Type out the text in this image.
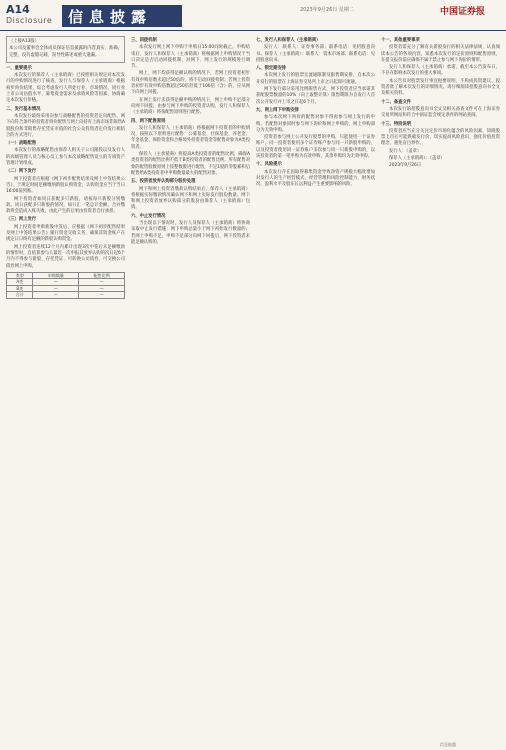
A14
Disclosure 信息披露	2023年9月26日 星期二	中国证券报

（上接A13版）

本公司及董事会全体成员保证信息披露的内容真实、准确、完整，没有虚假记载、误导性陈述或重大遗漏。

一、重要提示

本次发行的保荐人（主承销商）已按照相关规定对本次发行的申购情况进行了核查，发行人与保荐人（主承销商）根据初步询价结果，综合考虑发行人所处行业、市场情况、同行业上市公司估值水平、募集资金需求及承销风险等因素，协商确定本次发行价格。

二、发行基本情况

本次发行最终采用向参与战略配售的投资者定向配售、网下向符合条件的投资者询价配售与网上向持有上海市场非限售A股股份和非限售存托凭证市值的社会公众投资者定价发行相结合的方式进行。

（一）战略配售

本次发行的战略配售由保荐人相关子公司跟投以及发行人的高级管理人员与核心员工参与本次战略配售设立的专项资产管理计划组成。

（二）网下发行

网下投资者应根据《网下初步配售结果及网上中签结果公告》，于规定时间足额缴纳新股认购资金，认购资金应当于当日16:00前到账。

网下投资者如同日获配多只新股，请按每只新股分别缴款。同日获配多只新股的情况，如只汇一笔总计金额，合并缴款将会造成入账失败，由此产生的后果由投资者自行承担。

（三）网上发行

网上投资者申购新股中签后，应根据《网下初步配售结果及网上中签结果公告》履行资金交收义务，确保其资金账户在规定日日终有足额的新股认购资金。

网上投资者连续12个月内累计出现3次中签后未足额缴款的情形时，自结算参与人最近一次申报其放弃认购的次日起6个月内不得参与新股、存托凭证、可转换公司债券、可交换公司债券网上申购。

类型	申购数量	配售比例
A类	—	—
B类	—	—
合计	—	—

三、回拨机制

本次发行网上网下申购于申购日15:00同时截止。申购结束后，发行人和保荐人（主承销商）将根据网上申购情况于当日决定是否启动回拨机制，对网下、网上发行的规模进行调节。

网上、网下均获得足额认购的情况下，若网上投资者初步有效申购倍数未超过50倍的，将不启动回拨机制；若网上投资者初步有效申购倍数超过50倍但低于100倍（含）的，应从网下向网上回拨。

在网上发行未获得足额申购的情况下，网上申购不足部分向网下回拨，由参与网下申购的投资者认购，发行人和保荐人（主承销商）将按配售原则进行配售。

四、网下配售原则

发行人和保荐人（主承销商）将根据网下投资者的申购情况，按照以下原则进行配售：公募基金、社保基金、养老金、年金基金、保险资金和合格境外投资者资金等配售对象为A类投资者。

保荐人（主承销商）将提高A类投资者的配售比例，确保A类投资者的配售比例不低于B类投资者的配售比例。所有配售对象的配售股数原则上按整数股进行配售，不足1股的零股累积后配售给A类投资者中申购数量最大的配售对象。

五、投资者放弃认购部分股份处理

网下和网上投资者缴款认购结束后，保荐人（主承销商）将根据实际缴款情况确认网下和网上实际发行股份数量。网下和网上投资者放弃认购部分的股份由保荐人（主承销商）包销。

六、中止发行情况

当出现以下情况时，发行人及保荐人（主承销商）将协商采取中止发行措施：网下申购总量小于网下初始发行数量的；若网上申购不足，申购不足部分向网下回拨后，网下投资者未能足额认购的。

七、发行人和保荐人（主承销商）

发行人：联系人：证券事务部；联系电话：见招股意向书。保荐人（主承销商）：联系人：资本市场部；联系电话：见招股意向书。

八、锁定期安排

本次网上发行的股票无流通限制及限售期安排，自本次公开发行的股票在上海证券交易所上市之日起即可流通。

网下发行部分采用比例限售方式，网下投资者应当承诺其获配股票数量的10%（向上取整计算）限售期限为自发行人首次公开发行并上市之日起6个月。

九、网上网下申购安排

参与本次网下询价的配售对象不得再参与网上发行的申购。若配售对象同时参与网下询价和网上申购的，网上申购部分为无效申购。

投资者参与网上公开发行股票的申购，只能使用一个证券账户。同一投资者使用多个证券账户参与同一只新股申购的，以及投资者使用同一证券账户多次参与同一只新股申购的，以该投资者的第一笔申购为有效申购，其余申购均为无效申购。

十、风险提示

本次发行存在因取得募集资金导致净资产规模大幅度增加对发行人的生产经营模式、经营管理和风险控制能力、财务状况、盈利水平及股东长远利益产生重要影响的风险。

十一、其他重要事项

投资者需充分了解有关新股发行的相关法律法规，认真阅读本公告的各项内容，知悉本次发行的定价原则和配售原则，在提交报价前应确保不属于禁止参与网下询价的情形。

发行人和保荐人（主承销商）承诺，截至本公告发布日，不存在影响本次发行的重大事项。

本公告仅对股票发行事宜扼要说明，不构成投资建议。投资者欲了解本次发行的详细情况，请仔细阅读招股意向书全文及相关资料。

十二、备查文件

本次发行的招股意向书全文及相关备查文件可在上海证券交易所网站和符合中国证监会规定条件的网站查阅。

十三、特别说明

投资者应当充分关注定价市场化蕴含的风险因素，知晓股票上市后可能跌破发行价，切实提高风险意识，强化价值投资理念，避免盲目炒作。

发行人：（盖章）

保荐人（主承销商）：（盖章）

2023年9月26日

信息披露
